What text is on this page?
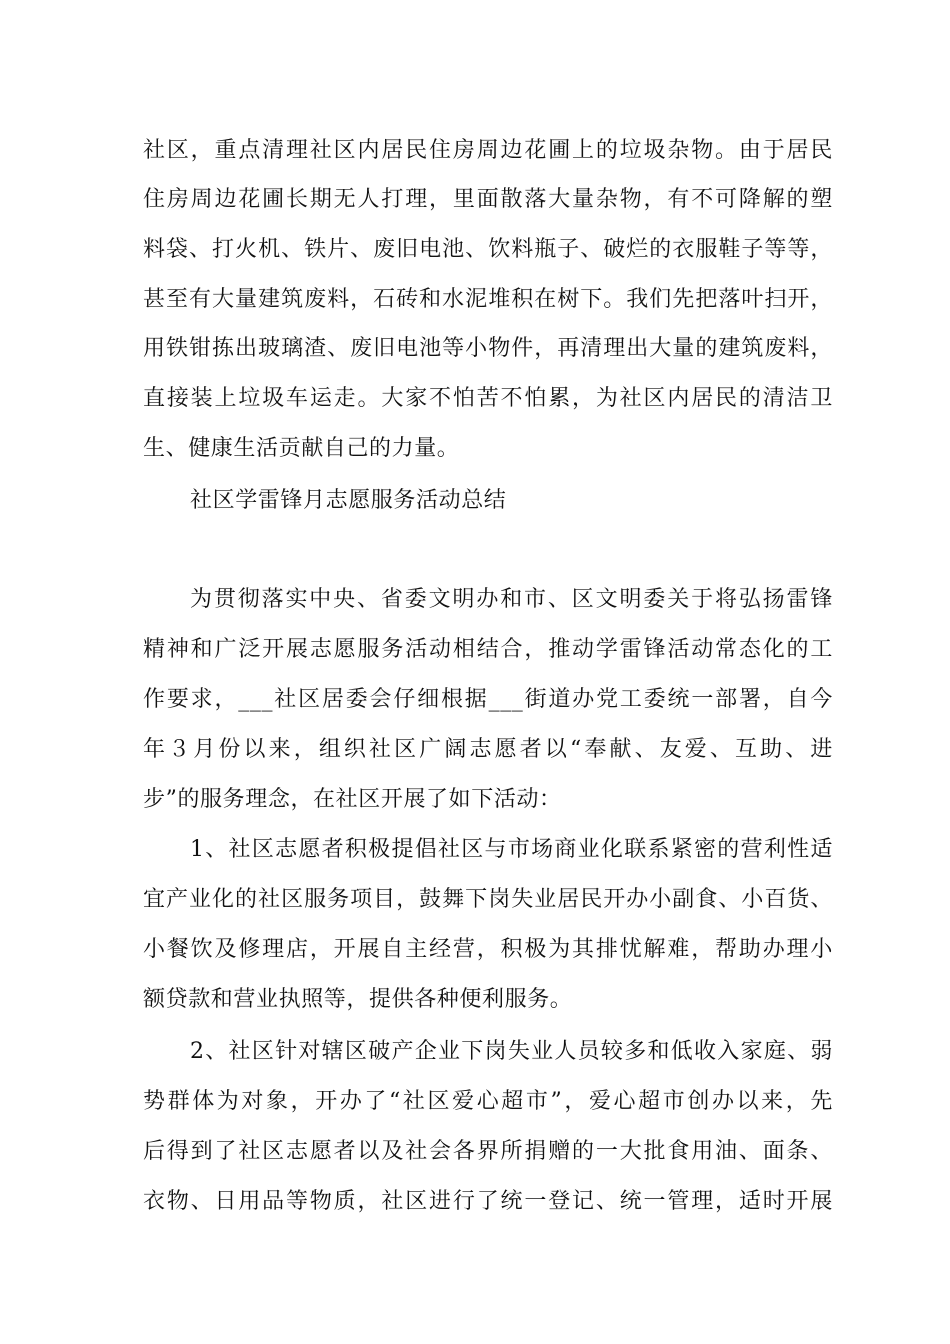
社区，重点清理社区内居民住房周边花圃上的垃圾杂物。由于居民
住房周边花圃长期无人打理，里面散落大量杂物，有不可降解的塑
料袋、打火机、铁片、废旧电池、饮料瓶子、破烂的衣服鞋子等等，
甚至有大量建筑废料，石砖和水泥堆积在树下。我们先把落叶扫开，
用铁钳拣出玻璃渣、废旧电池等小物件，再清理出大量的建筑废料，
直接装上垃圾车运走。大家不怕苦不怕累，为社区内居民的清洁卫
生、健康生活贡献自己的力量。
社区学雷锋月志愿服务活动总结
为贯彻落实中央、省委文明办和市、区文明委关于将弘扬雷锋
精神和广泛开展志愿服务活动相结合，推动学雷锋活动常态化的工
作要求，___社区居委会仔细根据___街道办党工委统一部署，自今
年３月份以来，组织社区广阔志愿者以“奉献、友爱、互助、进
步”的服务理念，在社区开展了如下活动：
1、社区志愿者积极提倡社区与市场商业化联系紧密的营利性适
宜产业化的社区服务项目，鼓舞下岗失业居民开办小副食、小百货、
小餐饮及修理店，开展自主经营，积极为其排忧解难，帮助办理小
额贷款和营业执照等，提供各种便利服务。
2、社区针对辖区破产企业下岗失业人员较多和低收入家庭、弱
势群体为对象，开办了“社区爱心超市”，爱心超市创办以来，先
后得到了社区志愿者以及社会各界所捐赠的一大批食用油、面条、
衣物、日用品等物质，社区进行了统一登记、统一管理，适时开展
